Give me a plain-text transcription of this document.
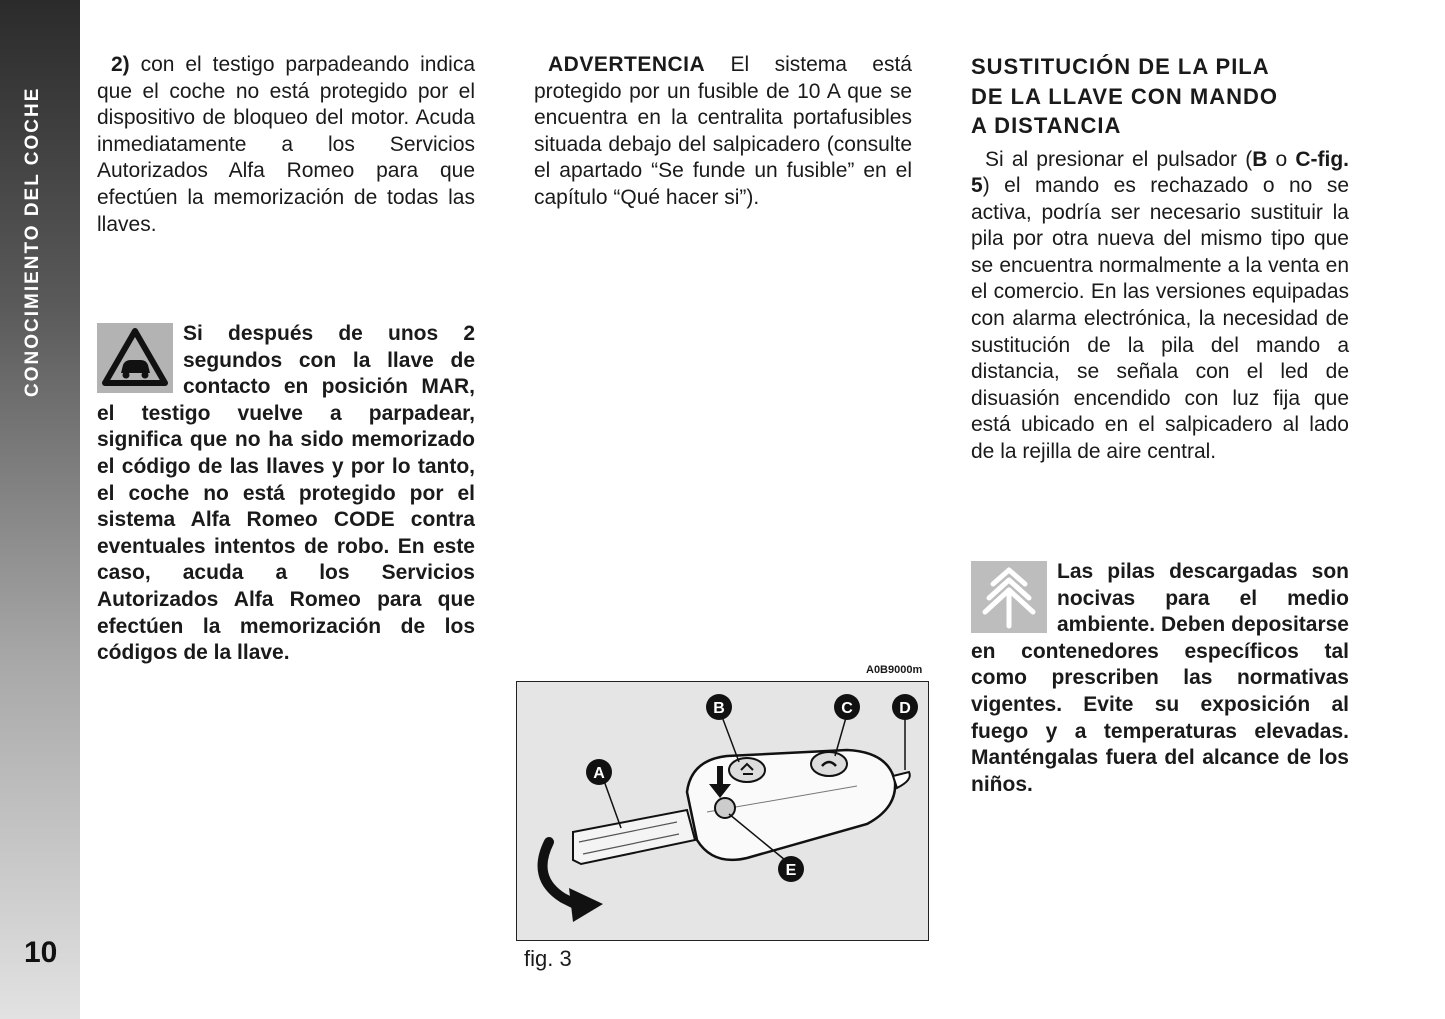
CONOCIMIENTO DEL COCHE
10

2) con el testigo parpadeando indica que el coche no está protegido por el dispositivo de bloqueo del motor. Acuda inmediatamente a los Servicios Autorizados Alfa Romeo para que efectúen la memorización de todas las llaves.

Si después de unos 2 segundos con la llave de contacto en posición MAR, el testigo vuelve a parpadear, significa que no ha sido memorizado el código de las llaves y por lo tanto, el coche no está protegido por el sistema Alfa Romeo CODE contra eventuales intentos de robo. En este caso, acuda a los Servicios Autorizados Alfa Romeo para que efectúen la memorización de los códigos de la llave.

ADVERTENCIA El sistema está protegido por un fusible de 10 A que se encuentra en la centralita portafusibles situada debajo del salpicadero (consulte el apartado “Se funde un fusible” en el capítulo “Qué hacer si”).

A0B9000m
A
B	C	D
E
fig. 3
SUSTITUCIÓN DE LA PILA
DE LA LLAVE CON MANDO
A DISTANCIA

Si al presionar el pulsador (B o C-fig. 5) el mando es rechazado o no se activa, podría ser necesario sustituir la pila por otra nueva del mismo tipo que se encuentra normalmente a la venta en el comercio. En las versiones equipadas con alarma electrónica, la necesidad de sustitución de la pila del mando a distancia, se señala con el led de disuasión encendido con luz fija que está ubicado en el salpicadero al lado de la rejilla de aire central.

Las pilas descargadas son nocivas para el medio ambiente. Deben depositarse en contenedores específicos tal como prescriben las normativas vigentes. Evite su exposición al fuego y a temperaturas elevadas. Manténgalas fuera del alcance de los niños.
